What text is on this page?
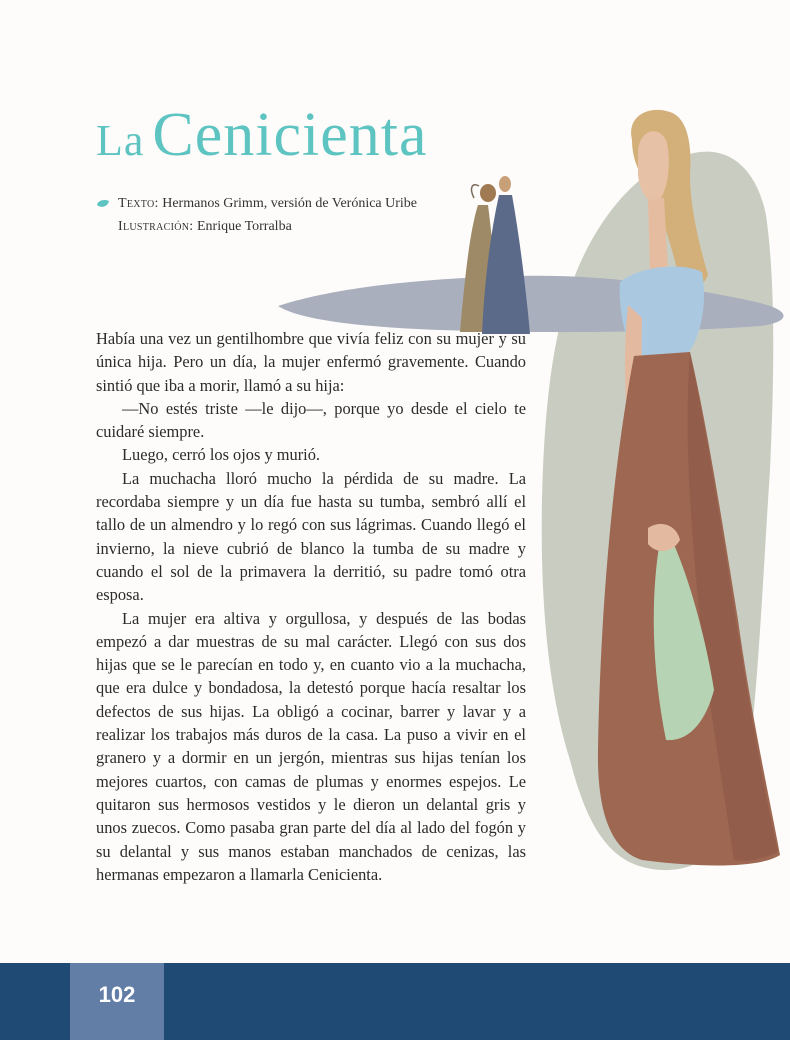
La Cenicienta
Texto:
Hermanos Grimm, versión de Verónica Uribe
Ilustración:
Enrique Torralba

Había una vez un gentilhombre que vivía feliz con su mujer y su única hija. Pero un día, la mujer enfermó gravemente. Cuando sintió que iba a morir, llamó a su hija:

—No estés triste —le dijo—, porque yo desde el cielo te cuidaré siempre.

Luego, cerró los ojos y murió.

La muchacha lloró mucho la pérdida de su madre. La recordaba siempre y un día fue hasta su tumba, sembró allí el tallo de un almendro y lo regó con sus lágrimas. Cuando llegó el invierno, la nieve cubrió de blanco la tumba de su madre y cuando el sol de la primavera la derritió, su padre tomó otra esposa.

La mujer era altiva y orgullosa, y después de las bodas empezó a dar muestras de su mal carácter. Llegó con sus dos hijas que se le parecían en todo y, en cuanto vio a la muchacha, que era dulce y bondadosa, la detestó porque hacía resaltar los defectos de sus hijas. La obligó a cocinar, barrer y lavar y a realizar los trabajos más duros de la casa. La puso a vivir en el granero y a dormir en un jergón, mientras sus hijas tenían los mejores cuartos, con camas de plumas y enormes espejos. Le quitaron sus hermosos vestidos y le dieron un delantal gris y unos zuecos. Como pasaba gran parte del día al lado del fogón y su delantal y sus manos estaban manchados de cenizas, las hermanas empezaron a llamarla Cenicienta.

102
